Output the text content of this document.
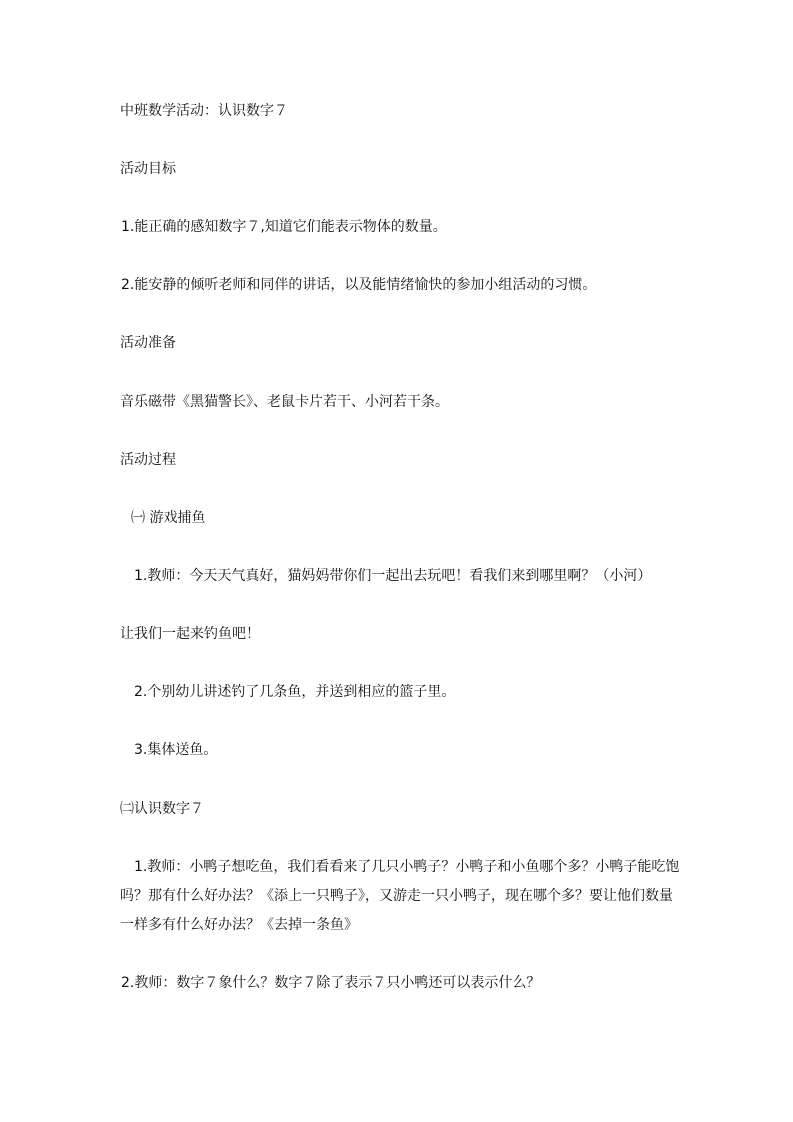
中班数学活动：认识数字７

活动目标

1.能正确的感知数字７,知道它们能表示物体的数量。

2.能安静的倾听老师和同伴的讲话，以及能情绪愉快的参加小组活动的习惯。

活动准备

音乐磁带《黑猫警长》、老鼠卡片若干、小河若干条。

活动过程

㈠ 游戏捕鱼

1.教师：今天天气真好，猫妈妈带你们一起出去玩吧！看我们来到哪里啊？（小河）

让我们一起来钓鱼吧！

2.个别幼儿讲述钓了几条鱼，并送到相应的篮子里。

3.集体送鱼。

㈡认识数字７

1.教师：小鸭子想吃鱼，我们看看来了几只小鸭子？小鸭子和小鱼哪个多？小鸭子能吃饱

吗？那有什么好办法？《添上一只鸭子》，又游走一只小鸭子，现在哪个多？要让他们数量

一样多有什么好办法？《去掉一条鱼》

2.教师：数字７象什么？数字７除了表示７只小鸭还可以表示什么？
